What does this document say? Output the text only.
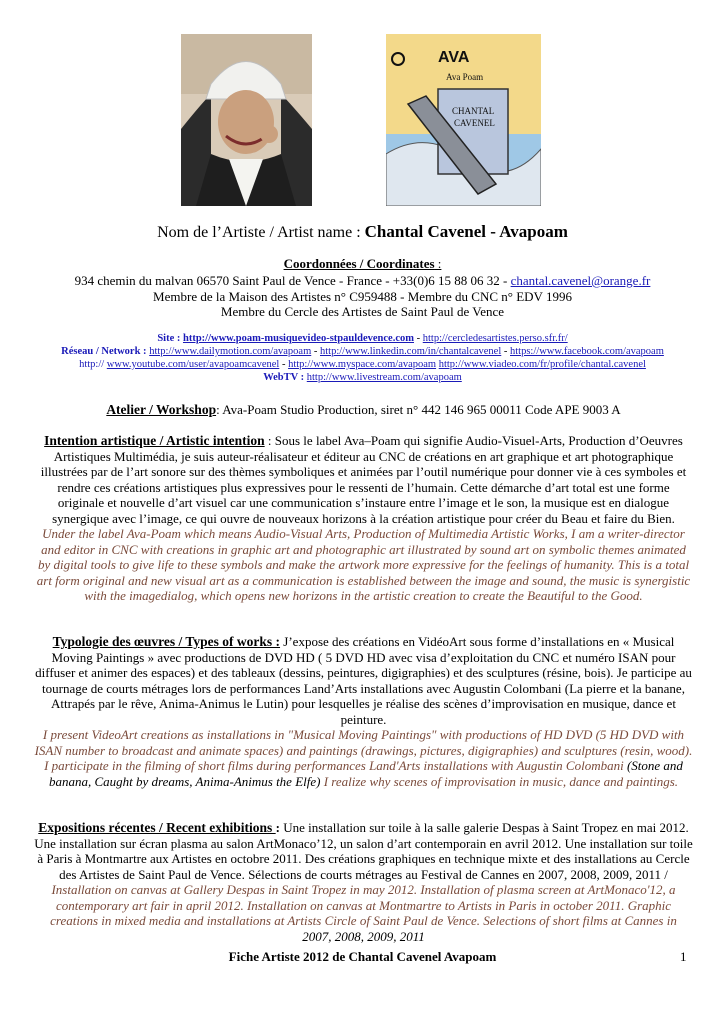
AVA
Ava Poam
CHANTAL
CAVENEL
Nom de l’Artiste / Artist name : Chantal Cavenel - Avapoam
Coordonnées / Coordinates :
934 chemin du malvan 06570 Saint Paul de Vence - France - +33(0)6 15 88 06 32 - chantal.cavenel@orange.fr
Membre de la Maison des Artistes n° C959488 - Membre du CNC n° EDV 1996
Membre du Cercle des Artistes de Saint Paul de Vence
Site : http://www.poam-musiquevideo-stpauldevence.com - http://cercledesartistes.perso.sfr.fr/
Réseau / Network : http://www.dailymotion.com/avapoam - http://www.linkedin.com/in/chantalcavenel - https://www.facebook.com/avapoam
http:// www.youtube.com/user/avapoamcavenel - http://www.myspace.com/avapoam http://www.viadeo.com/fr/profile/chantal.cavenel
WebTV : http://www.livestream.com/avapoam
Atelier / Workshop: Ava-Poam Studio Production, siret n° 442 146 965 00011 Code APE 9003 A
Intention artistique / Artistic intention : Sous le label Ava–Poam qui signifie Audio-Visuel-Arts, Production d’Oeuvres Artistiques Multimédia, je suis auteur-réalisateur et éditeur au CNC de créations en art graphique et art photographique illustrées par de l’art sonore sur des thèmes symboliques et animées par l’outil numérique pour donner vie à ces symboles et rendre ces créations artistiques plus expressives pour le ressenti de l’humain. Cette démarche d’art total est une forme originale et nouvelle d’art visuel car une communication s’instaure entre l’image et le son, la musique est en dialogue synergique avec l’image, ce qui ouvre de nouveaux horizons à la création artistique pour créer du Beau et faire du Bien. Under the label Ava-Poam which means Audio-Visual Arts, Production of Multimedia Artistic Works, I am a writer-director and editor in CNC with creations in graphic art and photographic art illustrated by sound art on symbolic themes animated by digital tools to give life to these symbols and make the artwork more expressive for the feelings of humanity. This is a total art form original and new visual art as a communication is established between the image and sound, the music is synergistic with the imagedialog, which opens new horizons in the artistic creation to create the Beautiful to the Good.
Typologie des œuvres / Types of works : J’expose des créations en VidéoArt sous forme d’installations en « Musical Moving Paintings » avec productions de DVD HD ( 5 DVD HD avec visa d’exploitation du CNC et numéro ISAN pour diffuser et animer des espaces) et des tableaux (dessins, peintures, digigraphies) et des sculptures (résine, bois). Je participe au tournage de courts métrages lors de performances Land’Arts installations avec Augustin Colombani (La pierre et la banane, Attrapés par le rêve, Anima-Animus le Lutin) pour lesquelles je réalise des scènes d’improvisation en musique, dance et peinture.
I present VideoArt creations as installations in "Musical Moving Paintings" with productions of HD DVD (5 HD DVD with ISAN number to broadcast and animate spaces) and paintings (drawings, pictures, digigraphies) and sculptures (resin, wood). I participate in the filming of short films during performances Land'Arts installations with Augustin Colombani (Stone and banana, Caught by dreams, Anima-Animus the Elfe) I realize why scenes of improvisation in music, dance and paintings.
Expositions récentes / Recent exhibitions : Une installation sur toile à la salle galerie Despas à Saint Tropez en mai 2012. Une installation sur écran plasma au salon ArtMonaco’12, un salon d’art contemporain en avril 2012. Une installation sur toile à Paris à Montmartre aux Artistes en octobre 2011. Des créations graphiques en technique mixte et des installations au Cercle des Artistes de Saint Paul de Vence. Sélections de courts métrages au Festival de Cannes en 2007, 2008, 2009, 2011 / Installation on canvas at Gallery Despas in Saint Tropez in may 2012. Installation of plasma screen at ArtMonaco'12, a contemporary art fair in april 2012. Installation on canvas at Montmartre to Artists in Paris in october 2011. Graphic creations in mixed media and installations at Artists Circle of Saint Paul de Vence. Selections of short films at Cannes in 2007, 2008, 2009, 2011
Fiche Artiste 2012 de Chantal Cavenel Avapoam	1
